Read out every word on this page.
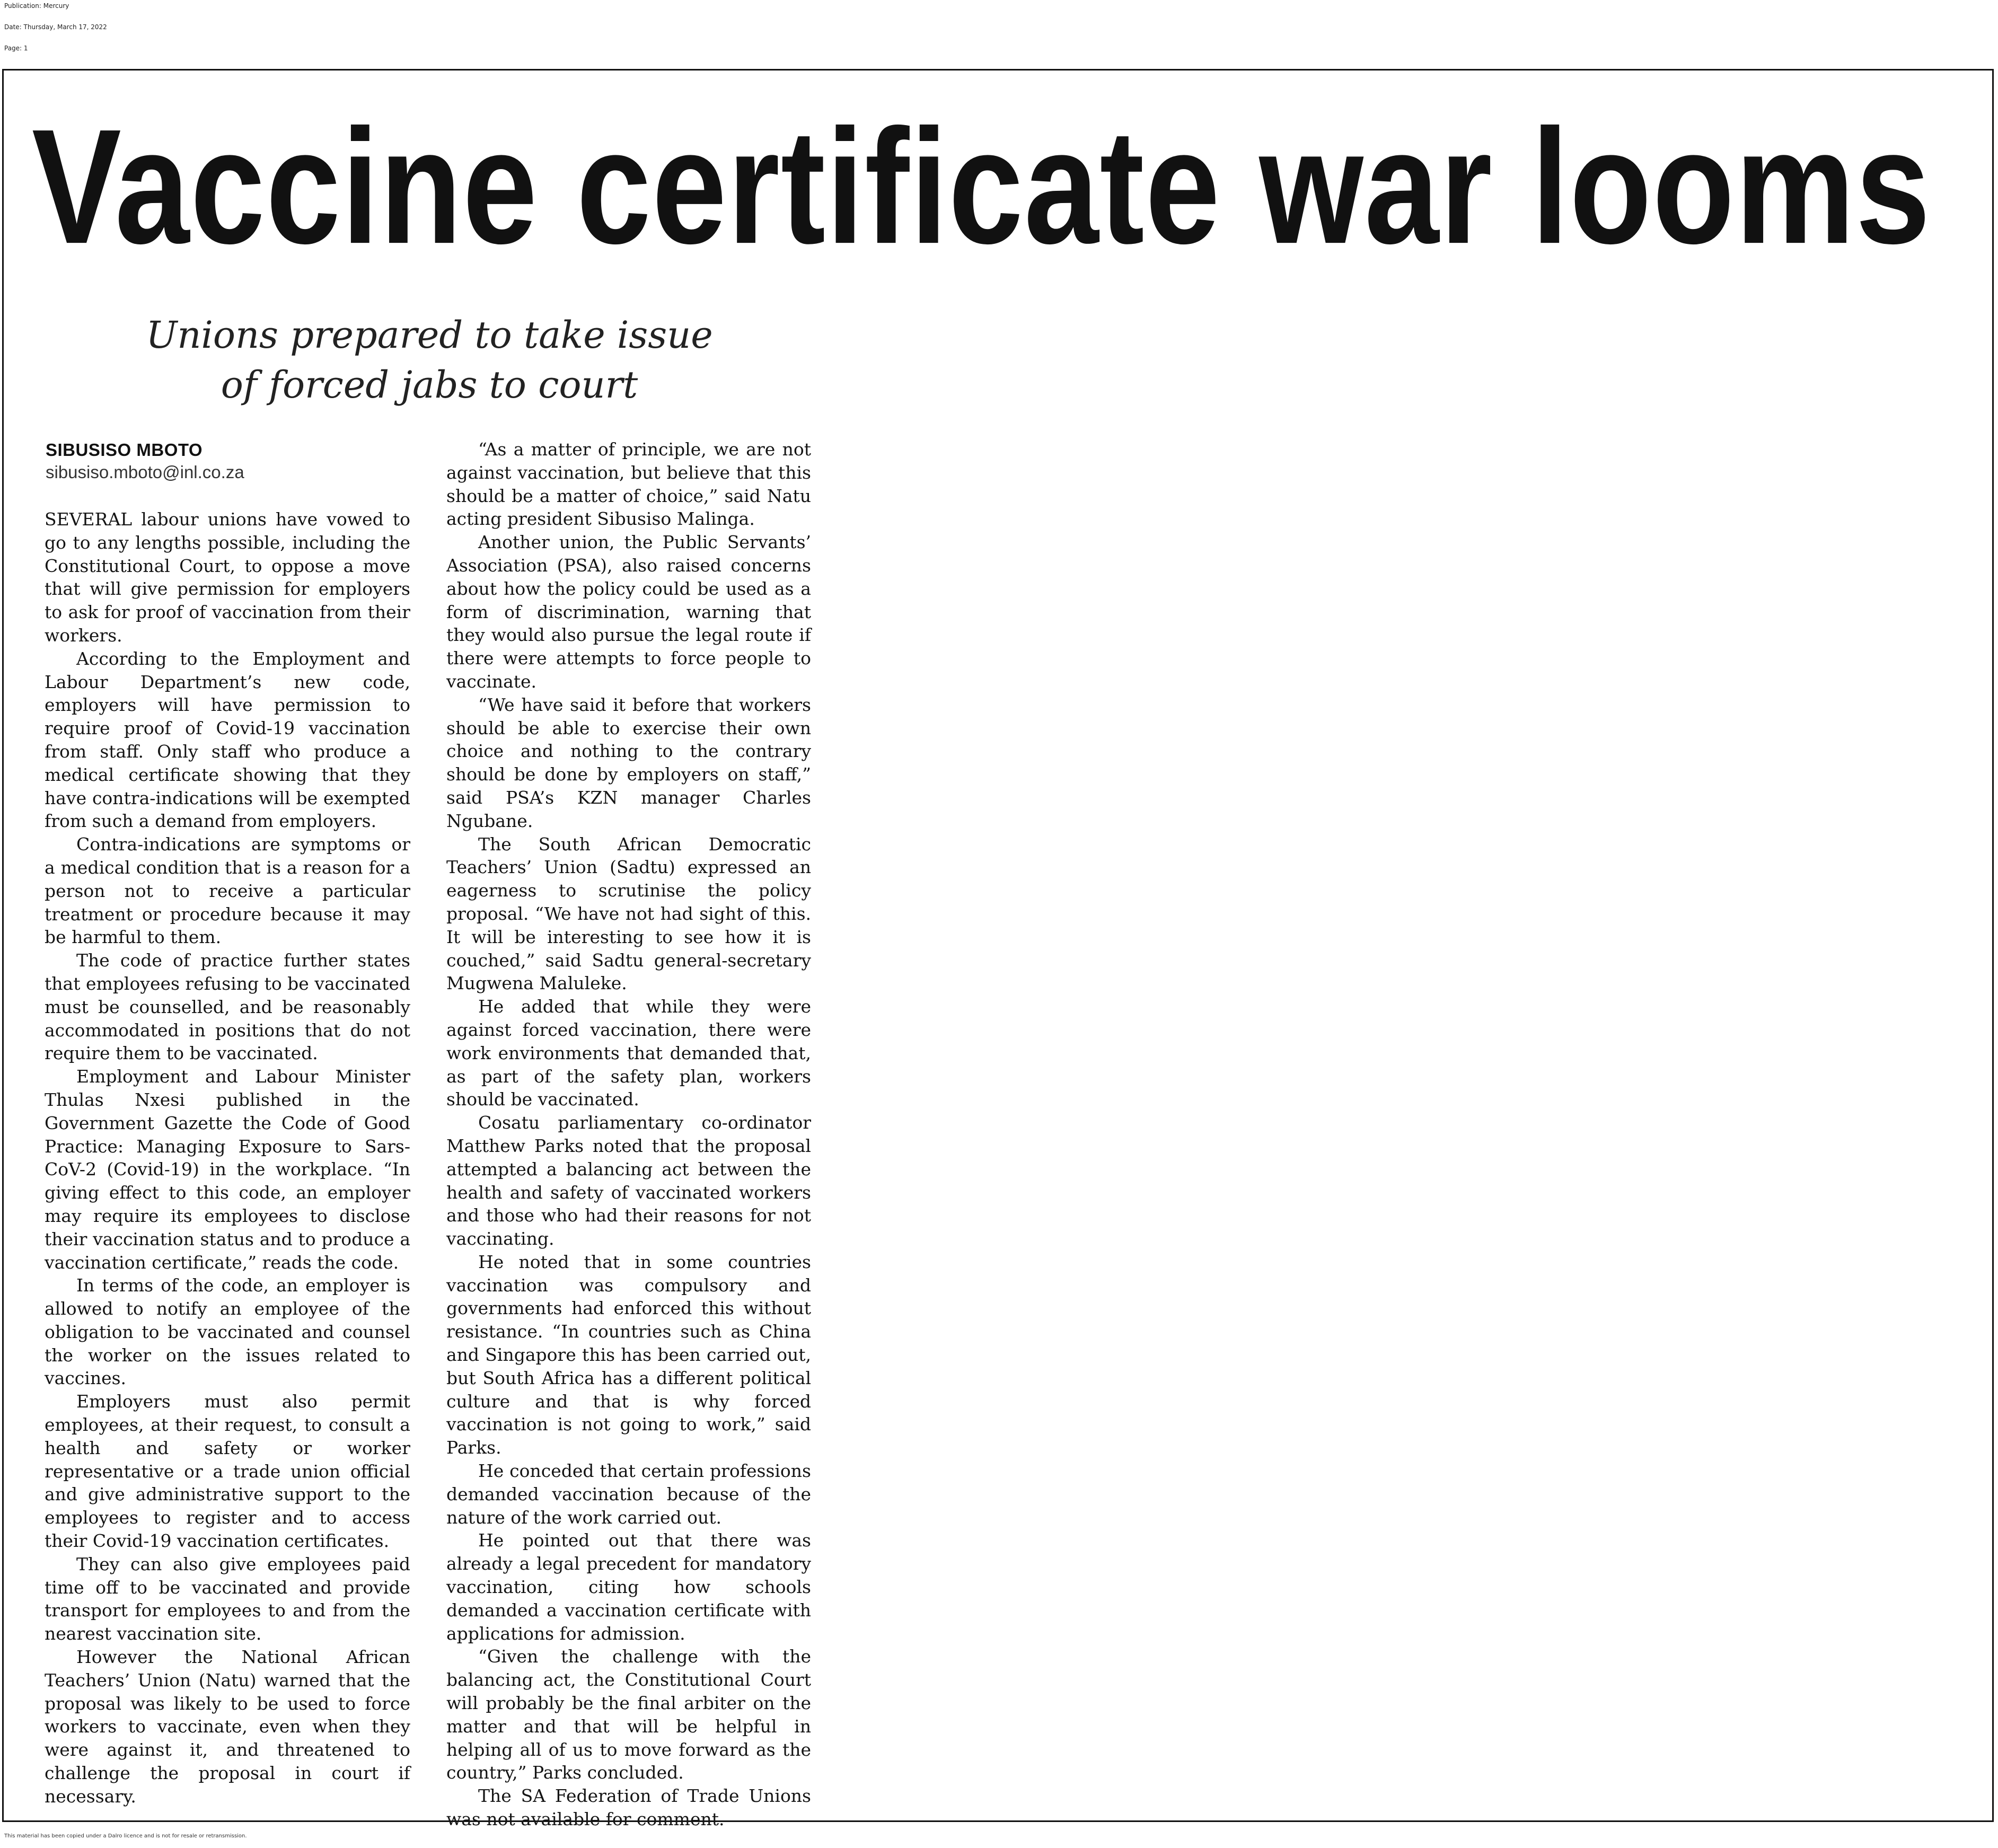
Publication: Mercury
Date: Thursday, March 17, 2022
Page: 1
Vaccine certificate war looms

Unions prepared to take issue
of forced jabs to court

SIBUSISO MBOTO
sibusiso.mboto@inl.co.za

SEVERAL labour unions have vowed to go to any lengths possible, including the Constitutional Court, to oppose a move that will give permission for employers to ask for proof of vaccination from their workers.

According to the Employment and Labour Department’s new code, employers will have permission to require proof of Covid-19 vaccination from staff. Only staff who produce a medical certificate showing that they have contra-indications will be exempted from such a demand from employers.

Contra-indications are symptoms or a medical condition that is a reason for a person not to receive a particular treatment or procedure because it may be harmful to them.

The code of practice further states that employees refusing to be vaccinated must be counselled, and be reasonably accommodated in positions that do not require them to be vaccinated.

Employment and Labour Minister Thulas Nxesi published in the Government Gazette the Code of Good Practice: Managing Exposure to Sars-CoV-2 (Covid-19) in the workplace. “In giving effect to this code, an employer may require its employees to disclose their vaccination status and to produce a vaccination certificate,” reads the code.

In terms of the code, an employer is allowed to notify an employee of the obligation to be vaccinated and counsel the worker on the issues related to vaccines.

Employers must also permit employees, at their request, to consult a health and safety or worker representative or a trade union official and give administrative support to the employees to register and to access their Covid-19 vaccination certificates.

They can also give employees paid time off to be vaccinated and provide transport for employees to and from the nearest vaccination site.

However the National African Teachers’ Union (Natu) warned that the proposal was likely to be used to force workers to vaccinate, even when they were against it, and threatened to challenge the proposal in court if necessary.

“As a matter of principle, we are not against vaccination, but believe that this should be a matter of choice,” said Natu acting president Sibusiso Malinga.

Another union, the Public Servants’ Association (PSA), also raised concerns about how the policy could be used as a form of discrimination, warning that they would also pursue the legal route if there were attempts to force people to vaccinate.

“We have said it before that workers should be able to exercise their own choice and nothing to the contrary should be done by employers on staff,” said PSA’s KZN manager Charles Ngubane.

The South African Democratic Teachers’ Union (Sadtu) expressed an eagerness to scrutinise the policy proposal. “We have not had sight of this. It will be interesting to see how it is couched,” said Sadtu general-secretary Mugwena Maluleke.

He added that while they were against forced vaccination, there were work environments that demanded that, as part of the safety plan, workers should be vaccinated.

Cosatu parliamentary co-ordinator Matthew Parks noted that the proposal attempted a balancing act between the health and safety of vaccinated workers and those who had their reasons for not vaccinating.

He noted that in some countries vaccination was compulsory and governments had enforced this without resistance. “In countries such as China and Singapore this has been carried out, but South Africa has a different political culture and that is why forced vaccination is not going to work,” said Parks.

He conceded that certain professions demanded vaccination because of the nature of the work carried out.

He pointed out that there was already a legal precedent for mandatory vaccination, citing how schools demanded a vaccination certificate with applications for admission.

“Given the challenge with the balancing act, the Constitutional Court will probably be the final arbiter on the matter and that will be helpful in helping all of us to move forward as the country,” Parks concluded.

The SA Federation of Trade Unions was not available for comment.

This material has been copied under a Dalro licence and is not for resale or retransmission.
